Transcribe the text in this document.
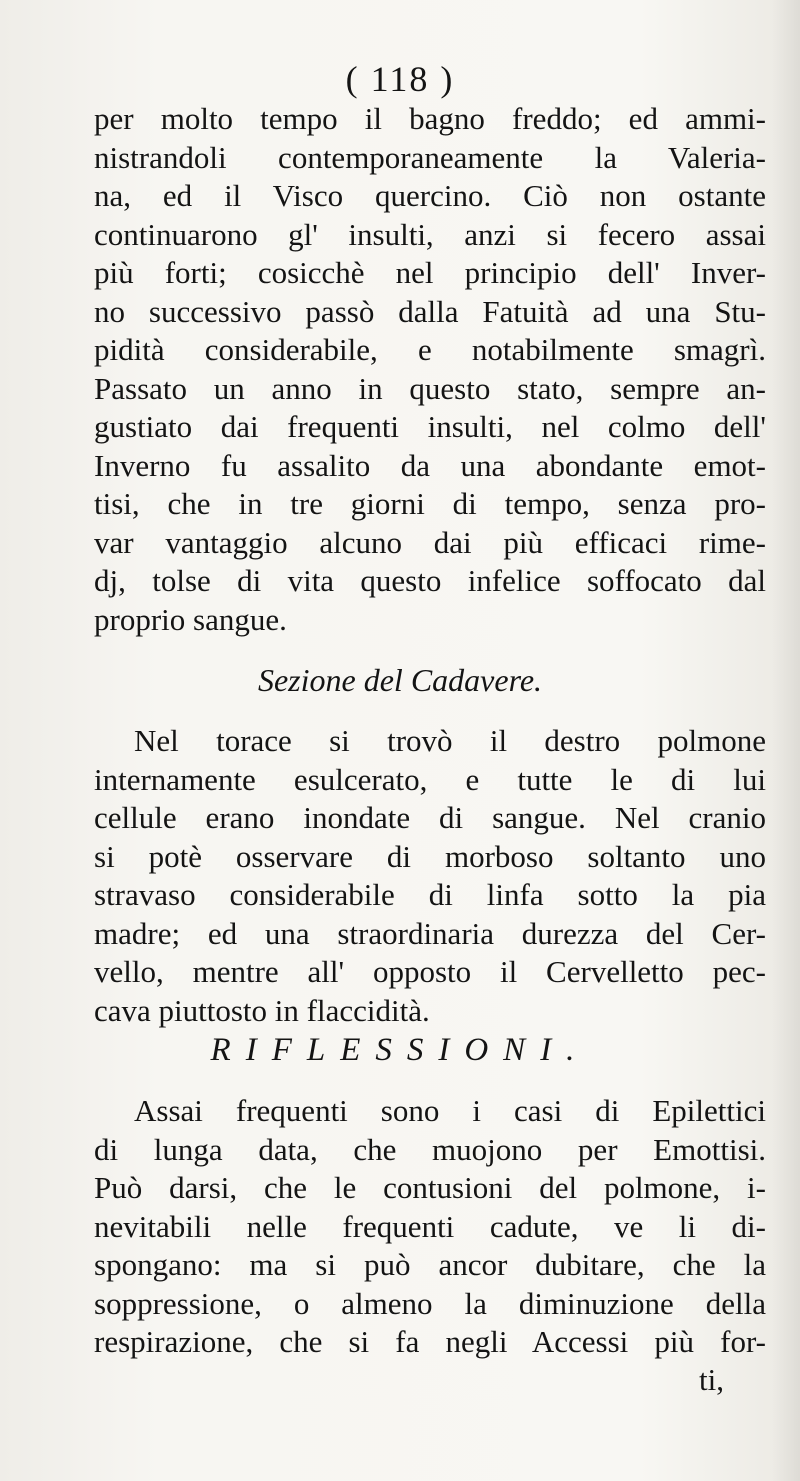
( 118 )
per molto tempo il bagno freddo; ed ammi-
nistrandoli contemporaneamente la Valeria-
na, ed il Visco quercino. Ciò non ostante
continuarono gl' insulti, anzi si fecero assai
più forti; cosicchè nel principio dell' Inver-
no successivo passò dalla Fatuità ad una Stu-
pidità considerabile, e notabilmente smagrì.
Passato un anno in questo stato, sempre an-
gustiato dai frequenti insulti, nel colmo dell'
Inverno fu assalito da una abondante emot-
tisi, che in tre giorni di tempo, senza pro-
var vantaggio alcuno dai più efficaci rime-
dj, tolse di vita questo infelice soffocato dal
proprio sangue.
Sezione del Cadavere.
Nel torace si trovò il destro polmone
internamente esulcerato, e tutte le di lui
cellule erano inondate di sangue. Nel cranio
si potè osservare di morboso soltanto uno
stravaso considerabile di linfa sotto la pia
madre; ed una straordinaria durezza del Cer-
vello, mentre all' opposto il Cervelletto pec-
cava piuttosto in flaccidità.
RIFLESSIONI.
Assai frequenti sono i casi di Epilettici
di lunga data, che muojono per Emottisi.
Può darsi, che le contusioni del polmone, i-
nevitabili nelle frequenti cadute, ve li di-
spongano: ma si può ancor dubitare, che la
soppressione, o almeno la diminuzione della
respirazione, che si fa negli Accessi più for-
ti,
